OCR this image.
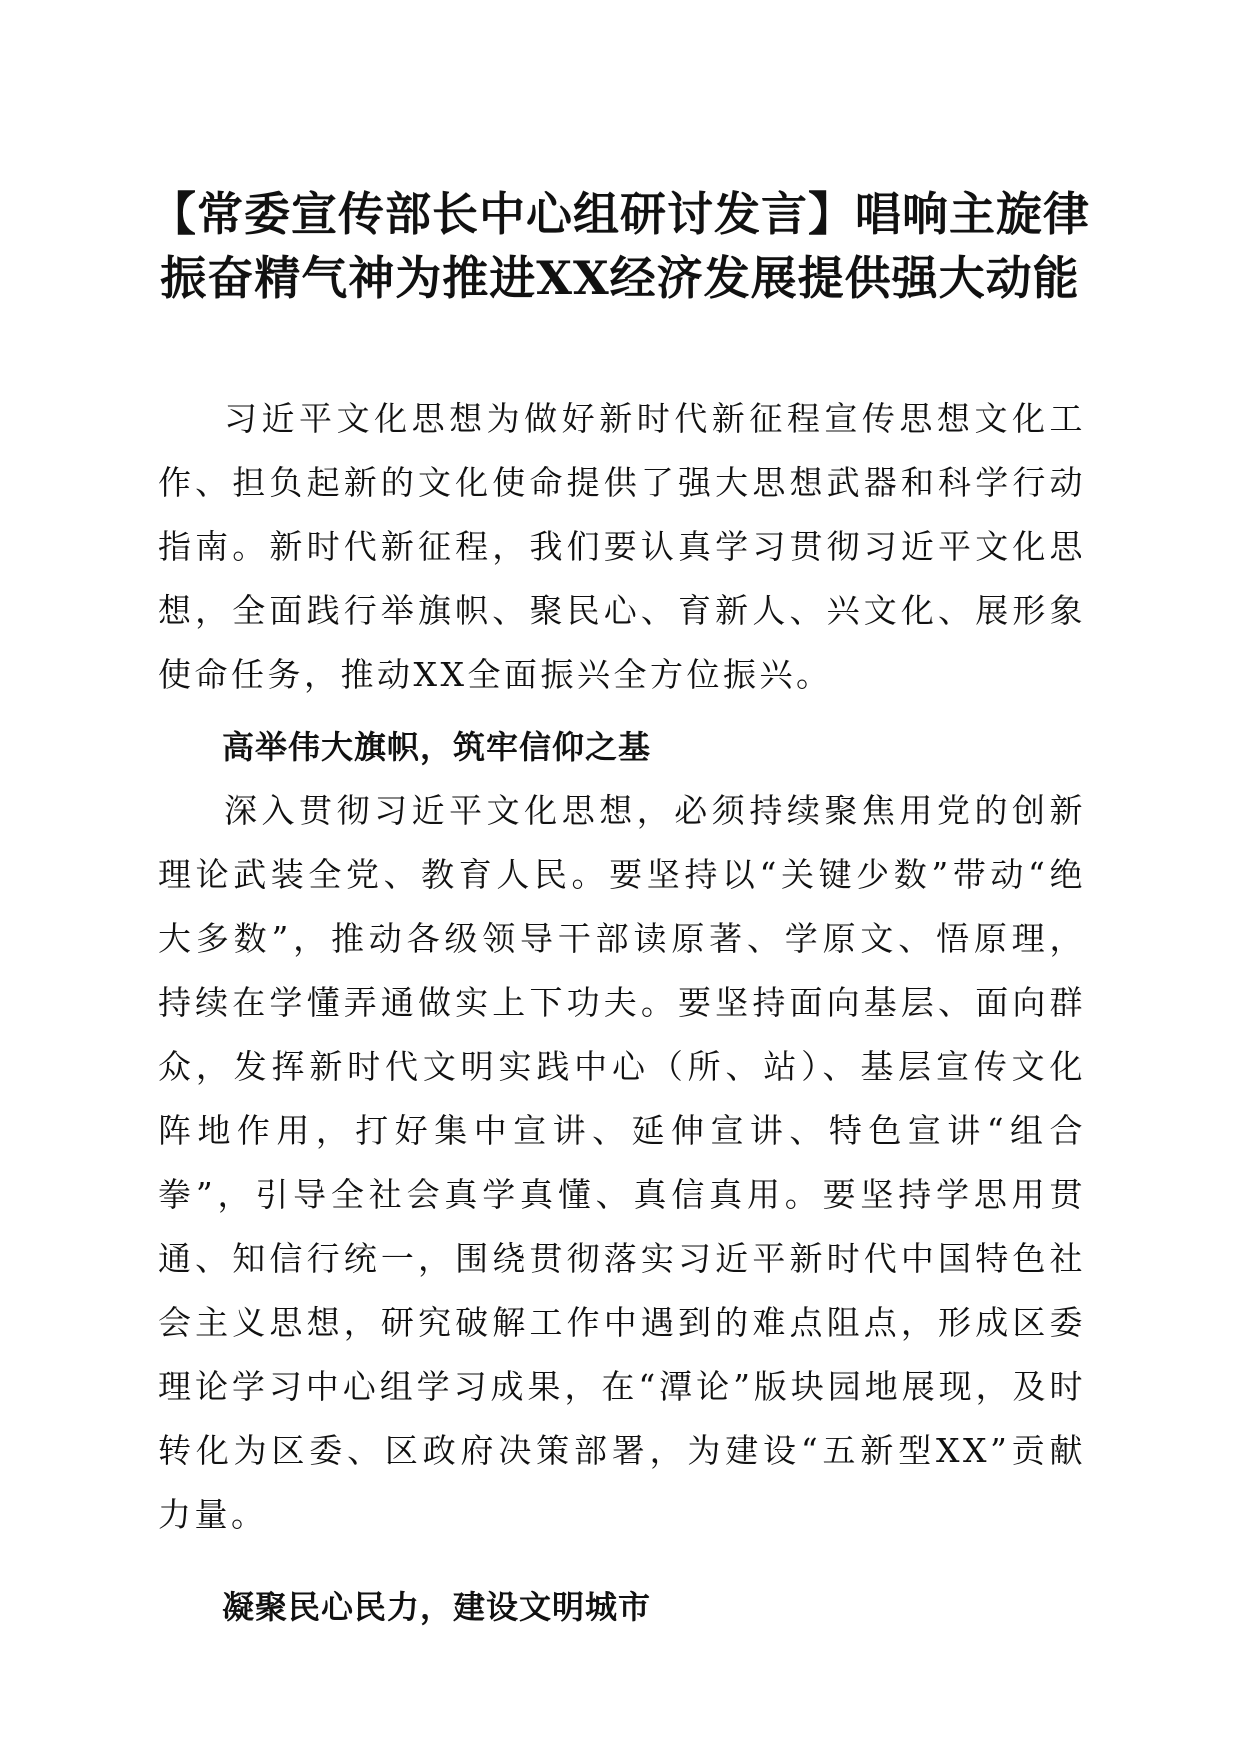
【常委宣传部长中心组研讨发言】唱响主旋律
振奋精气神为推进XX经济发展提供强大动能

习近平文化思想为做好新时代新征程宣传思想文化工作、担负起新的文化使命提供了强大思想武器和科学行动指南。新时代新征程，我们要认真学习贯彻习近平文化思想，全面践行举旗帜、聚民心、育新人、兴文化、展形象使命任务，推动XX全面振兴全方位振兴。

高举伟大旗帜，筑牢信仰之基

深入贯彻习近平文化思想，必须持续聚焦用党的创新理论武装全党、教育人民。要坚持以“关键少数”带动“绝大多数”，推动各级领导干部读原著、学原文、悟原理，持续在学懂弄通做实上下功夫。要坚持面向基层、面向群众，发挥新时代文明实践中心（所、站）、基层宣传文化阵地作用，打好集中宣讲、延伸宣讲、特色宣讲“组合拳”，引导全社会真学真懂、真信真用。要坚持学思用贯通、知信行统一，围绕贯彻落实习近平新时代中国特色社会主义思想，研究破解工作中遇到的难点阻点，形成区委理论学习中心组学习成果，在“潭论”版块园地展现，及时转化为区委、区政府决策部署，为建设“五新型XX”贡献力量。

凝聚民心民力，建设文明城市
